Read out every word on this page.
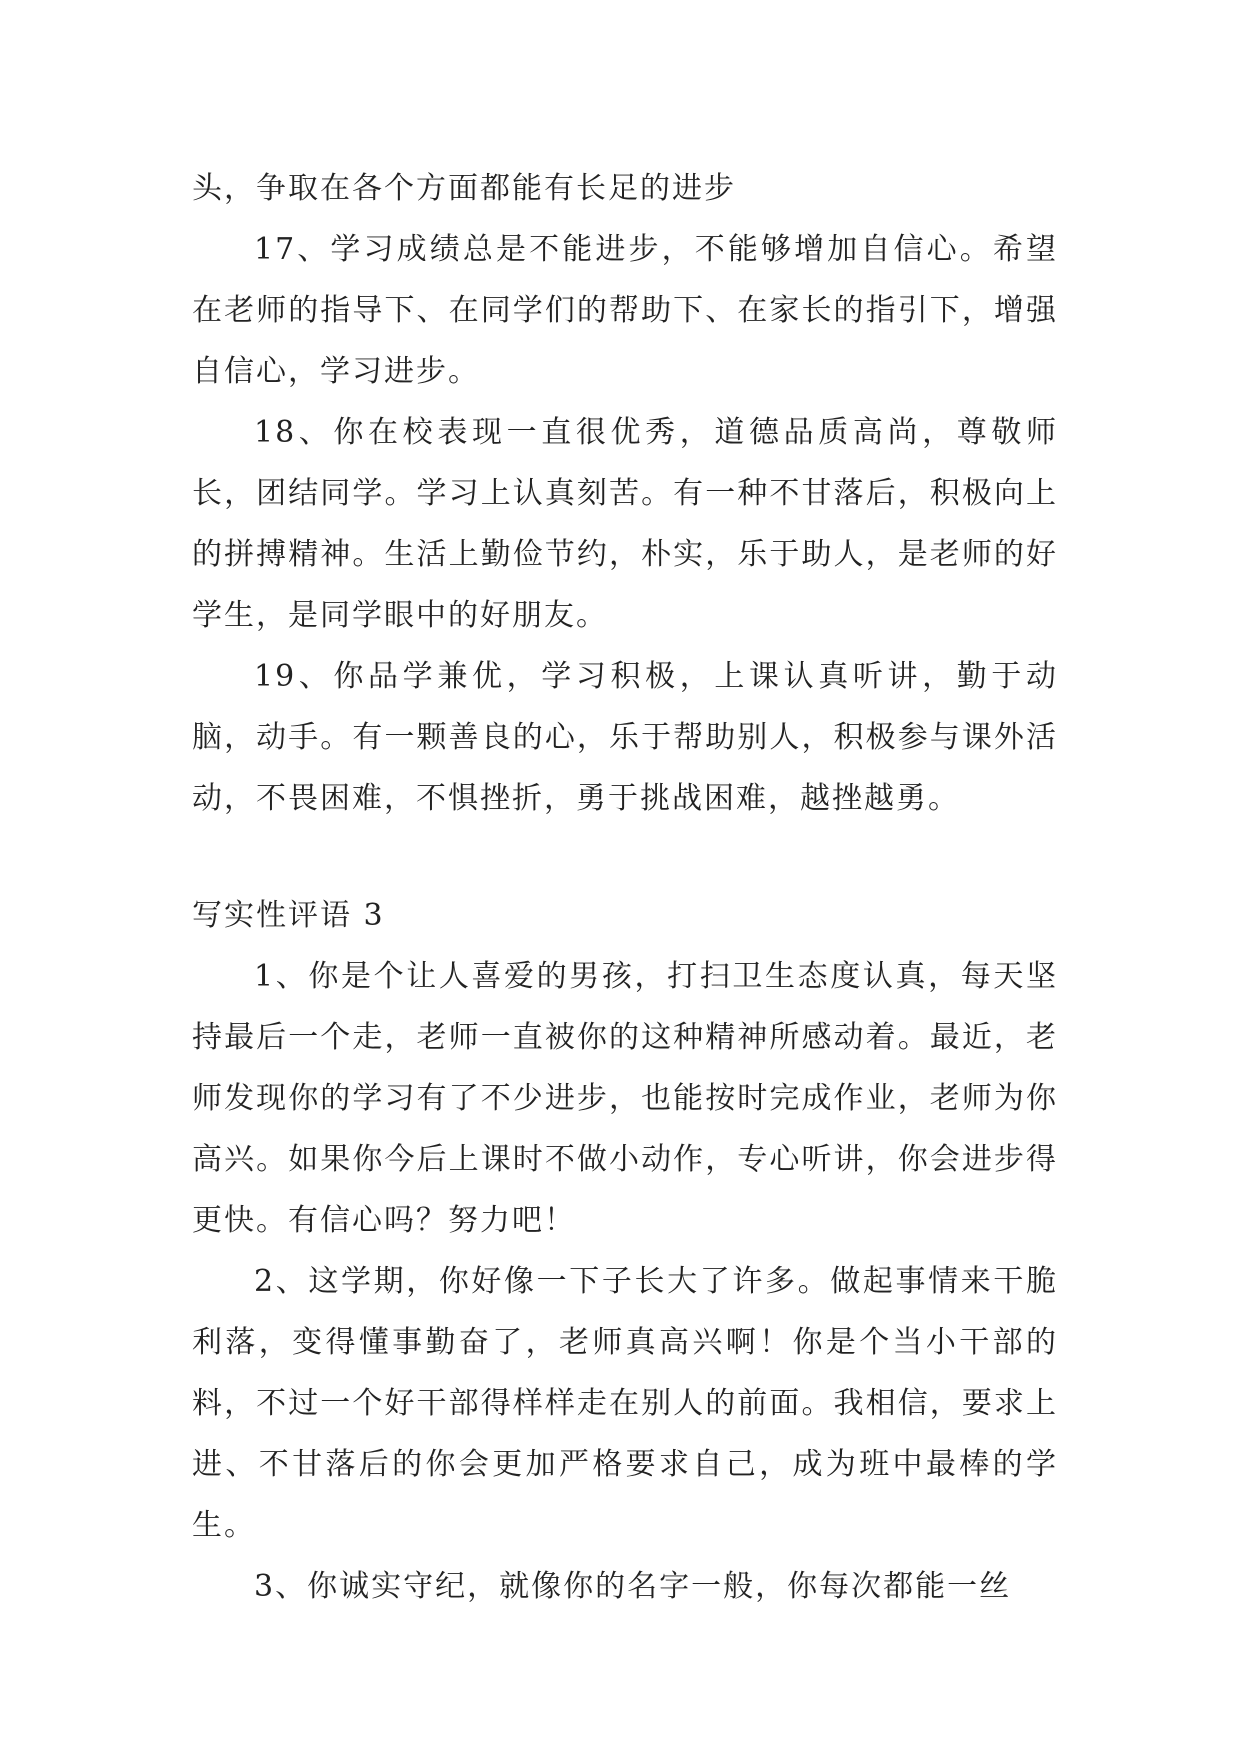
头，争取在各个方面都能有长足的进步

17、学习成绩总是不能进步，不能够增加自信心。希望在老师的指导下、在同学们的帮助下、在家长的指引下，增强自信心，学习进步。

18、你在校表现一直很优秀，道德品质高尚，尊敬师长，团结同学。学习上认真刻苦。有一种不甘落后，积极向上的拼搏精神。生活上勤俭节约，朴实，乐于助人，是老师的好学生，是同学眼中的好朋友。

19、你品学兼优，学习积极，上课认真听讲，勤于动脑，动手。有一颗善良的心，乐于帮助别人，积极参与课外活动，不畏困难，不惧挫折，勇于挑战困难，越挫越勇。

写实性评语 3

1、你是个让人喜爱的男孩，打扫卫生态度认真，每天坚持最后一个走，老师一直被你的这种精神所感动着。最近，老师发现你的学习有了不少进步，也能按时完成作业，老师为你高兴。如果你今后上课时不做小动作，专心听讲，你会进步得更快。有信心吗？努力吧！

2、这学期，你好像一下子长大了许多。做起事情来干脆利落，变得懂事勤奋了，老师真高兴啊！你是个当小干部的料，不过一个好干部得样样走在别人的前面。我相信，要求上进、不甘落后的你会更加严格要求自己，成为班中最棒的学生。

3、你诚实守纪，就像你的名字一般，你每次都能一丝
